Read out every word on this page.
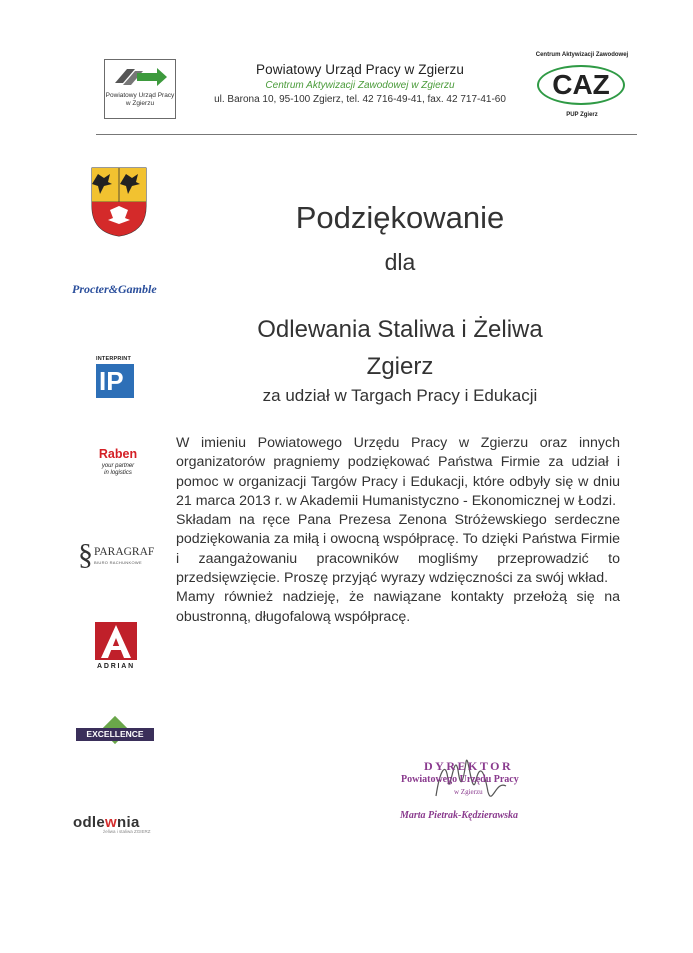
Powiatowy Urząd Pracy w Zgierzu
Powiatowy Urząd Pracy w Zgierzu
Centrum Aktywizacji Zawodowej w Zgierzu
ul. Barona 10, 95-100 Zgierz, tel. 42 716-49-41, fax. 42 717-41-60
Centrum Aktywizacji Zawodowej
CAZ
PUP Zgierz
Procter&Gamble
INTERPRINT
IP
Raben
your partner
in logistics
§ PARAGRAF
BIURO RACHUNKOWE
ADRIAN
EXCELLENCE
odlewnia
żeliwa i staliwa ZGIERZ
Podziękowanie
dla
Odlewania Staliwa i Żeliwa
Zgierz
za udział w Targach Pracy i Edukacji

W imieniu Powiatowego Urzędu Pracy w Zgierzu oraz innych organizatorów pragniemy podziękować Państwa Firmie za udział i pomoc w organizacji Targów Pracy i Edukacji, które odbyły się w dniu 21 marca 2013 r. w Akademii Humanistyczno - Ekonomicznej w Łodzi.

Składam na ręce Pana Prezesa Zenona Stróżewskiego serdeczne podziękowania za miłą i owocną współpracę. To dzięki Państwa Firmie i zaangażowaniu pracowników mogliśmy przeprowadzić to przedsięwzięcie. Proszę przyjąć wyrazy wdzięczności za swój wkład.

Mamy również nadzieję, że nawiązane kontakty przełożą się na obustronną, długofalową współpracę.

DYREKTOR
Powiatowego Urzędu Pracy
w Zgierzu
Marta Pietrak-Kędzierawska
